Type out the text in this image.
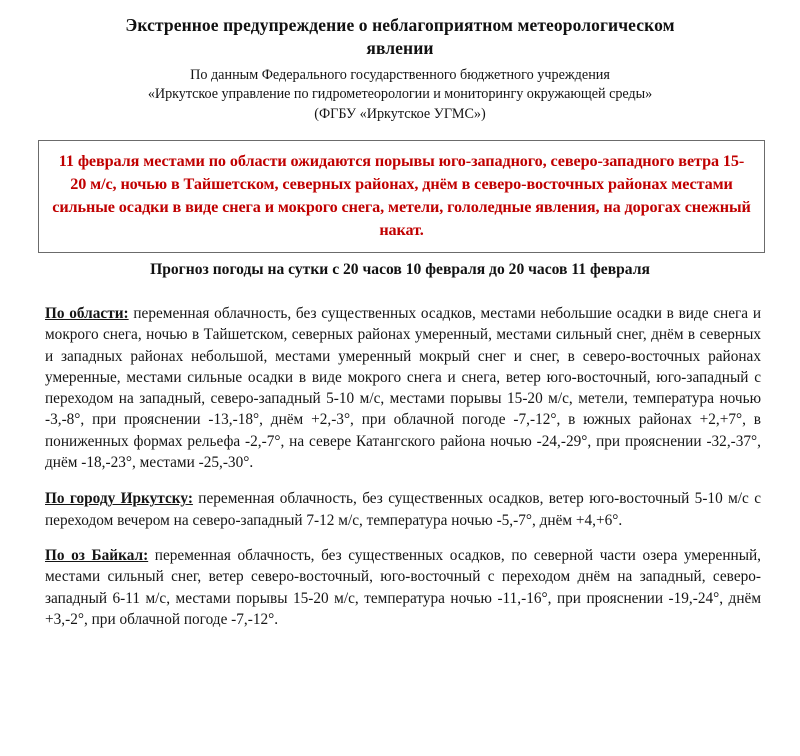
Экстренное предупреждение о неблагоприятном метеорологическом явлении
По данным Федерального государственного бюджетного учреждения
«Иркутское управление по гидрометеорологии и мониторингу окружающей среды»
(ФГБУ «Иркутское УГМС»)

11 февраля местами по области ожидаются порывы юго-западного, северо-западного ветра 15-20 м/с, ночью в Тайшетском, северных районах, днём в северо-восточных районах местами сильные осадки в виде снега и мокрого снега, метели, гололедные явления, на дорогах снежный накат.

Прогноз погоды на сутки с 20 часов 10 февраля до 20 часов 11 февраля

По области: переменная облачность, без существенных осадков, местами небольшие осадки в виде снега и мокрого снега, ночью в Тайшетском, северных районах умеренный, местами сильный снег, днём в северных и западных районах небольшой, местами умеренный мокрый снег и снег, в северо-восточных районах умеренные, местами сильные осадки в виде мокрого снега и снега, ветер юго-восточный, юго-западный с переходом на западный, северо-западный 5-10 м/с, местами порывы 15-20 м/с, метели, температура ночью -3,-8°, при прояснении -13,-18°, днём +2,-3°, при облачной погоде -7,-12°, в южных районах +2,+7°, в пониженных формах рельефа -2,-7°, на севере Катангского района ночью -24,-29°, при прояснении -32,-37°, днём -18,-23°, местами -25,-30°.

По городу Иркутску: переменная облачность, без существенных осадков, ветер юго-восточный 5-10 м/с с переходом вечером на северо-западный 7-12 м/с, температура ночью -5,-7°, днём +4,+6°.

По оз Байкал: переменная облачность, без существенных осадков, по северной части озера умеренный, местами сильный снег, ветер северо-восточный, юго-восточный с переходом днём на западный, северо-западный 6-11 м/с, местами порывы 15-20 м/с, температура ночью -11,-16°, при прояснении -19,-24°, днём +3,-2°, при облачной погоде -7,-12°.
